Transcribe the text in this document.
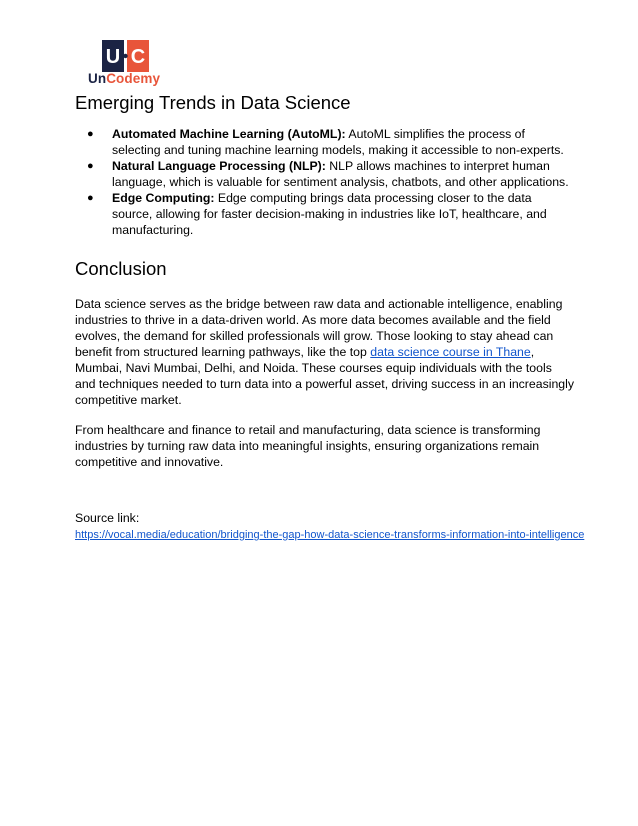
U C
UnCodemy
Emerging Trends in Data Science
● Automated Machine Learning (AutoML): AutoML simplifies the process of selecting and tuning machine learning models, making it accessible to non-experts.
● Natural Language Processing (NLP): NLP allows machines to interpret human language, which is valuable for sentiment analysis, chatbots, and other applications.
● Edge Computing: Edge computing brings data processing closer to the data source, allowing for faster decision-making in industries like IoT, healthcare, and manufacturing.
Conclusion

Data science serves as the bridge between raw data and actionable intelligence, enabling industries to thrive in a data-driven world. As more data becomes available and the field evolves, the demand for skilled professionals will grow. Those looking to stay ahead can benefit from structured learning pathways, like the top data science course in Thane, Mumbai, Navi Mumbai, Delhi, and Noida. These courses equip individuals with the tools and techniques needed to turn data into a powerful asset, driving success in an increasingly competitive market.

From healthcare and finance to retail and manufacturing, data science is transforming industries by turning raw data into meaningful insights, ensuring organizations remain competitive and innovative.

Source link:
https://vocal.media/education/bridging-the-gap-how-data-science-transforms-information-into-intelligence
